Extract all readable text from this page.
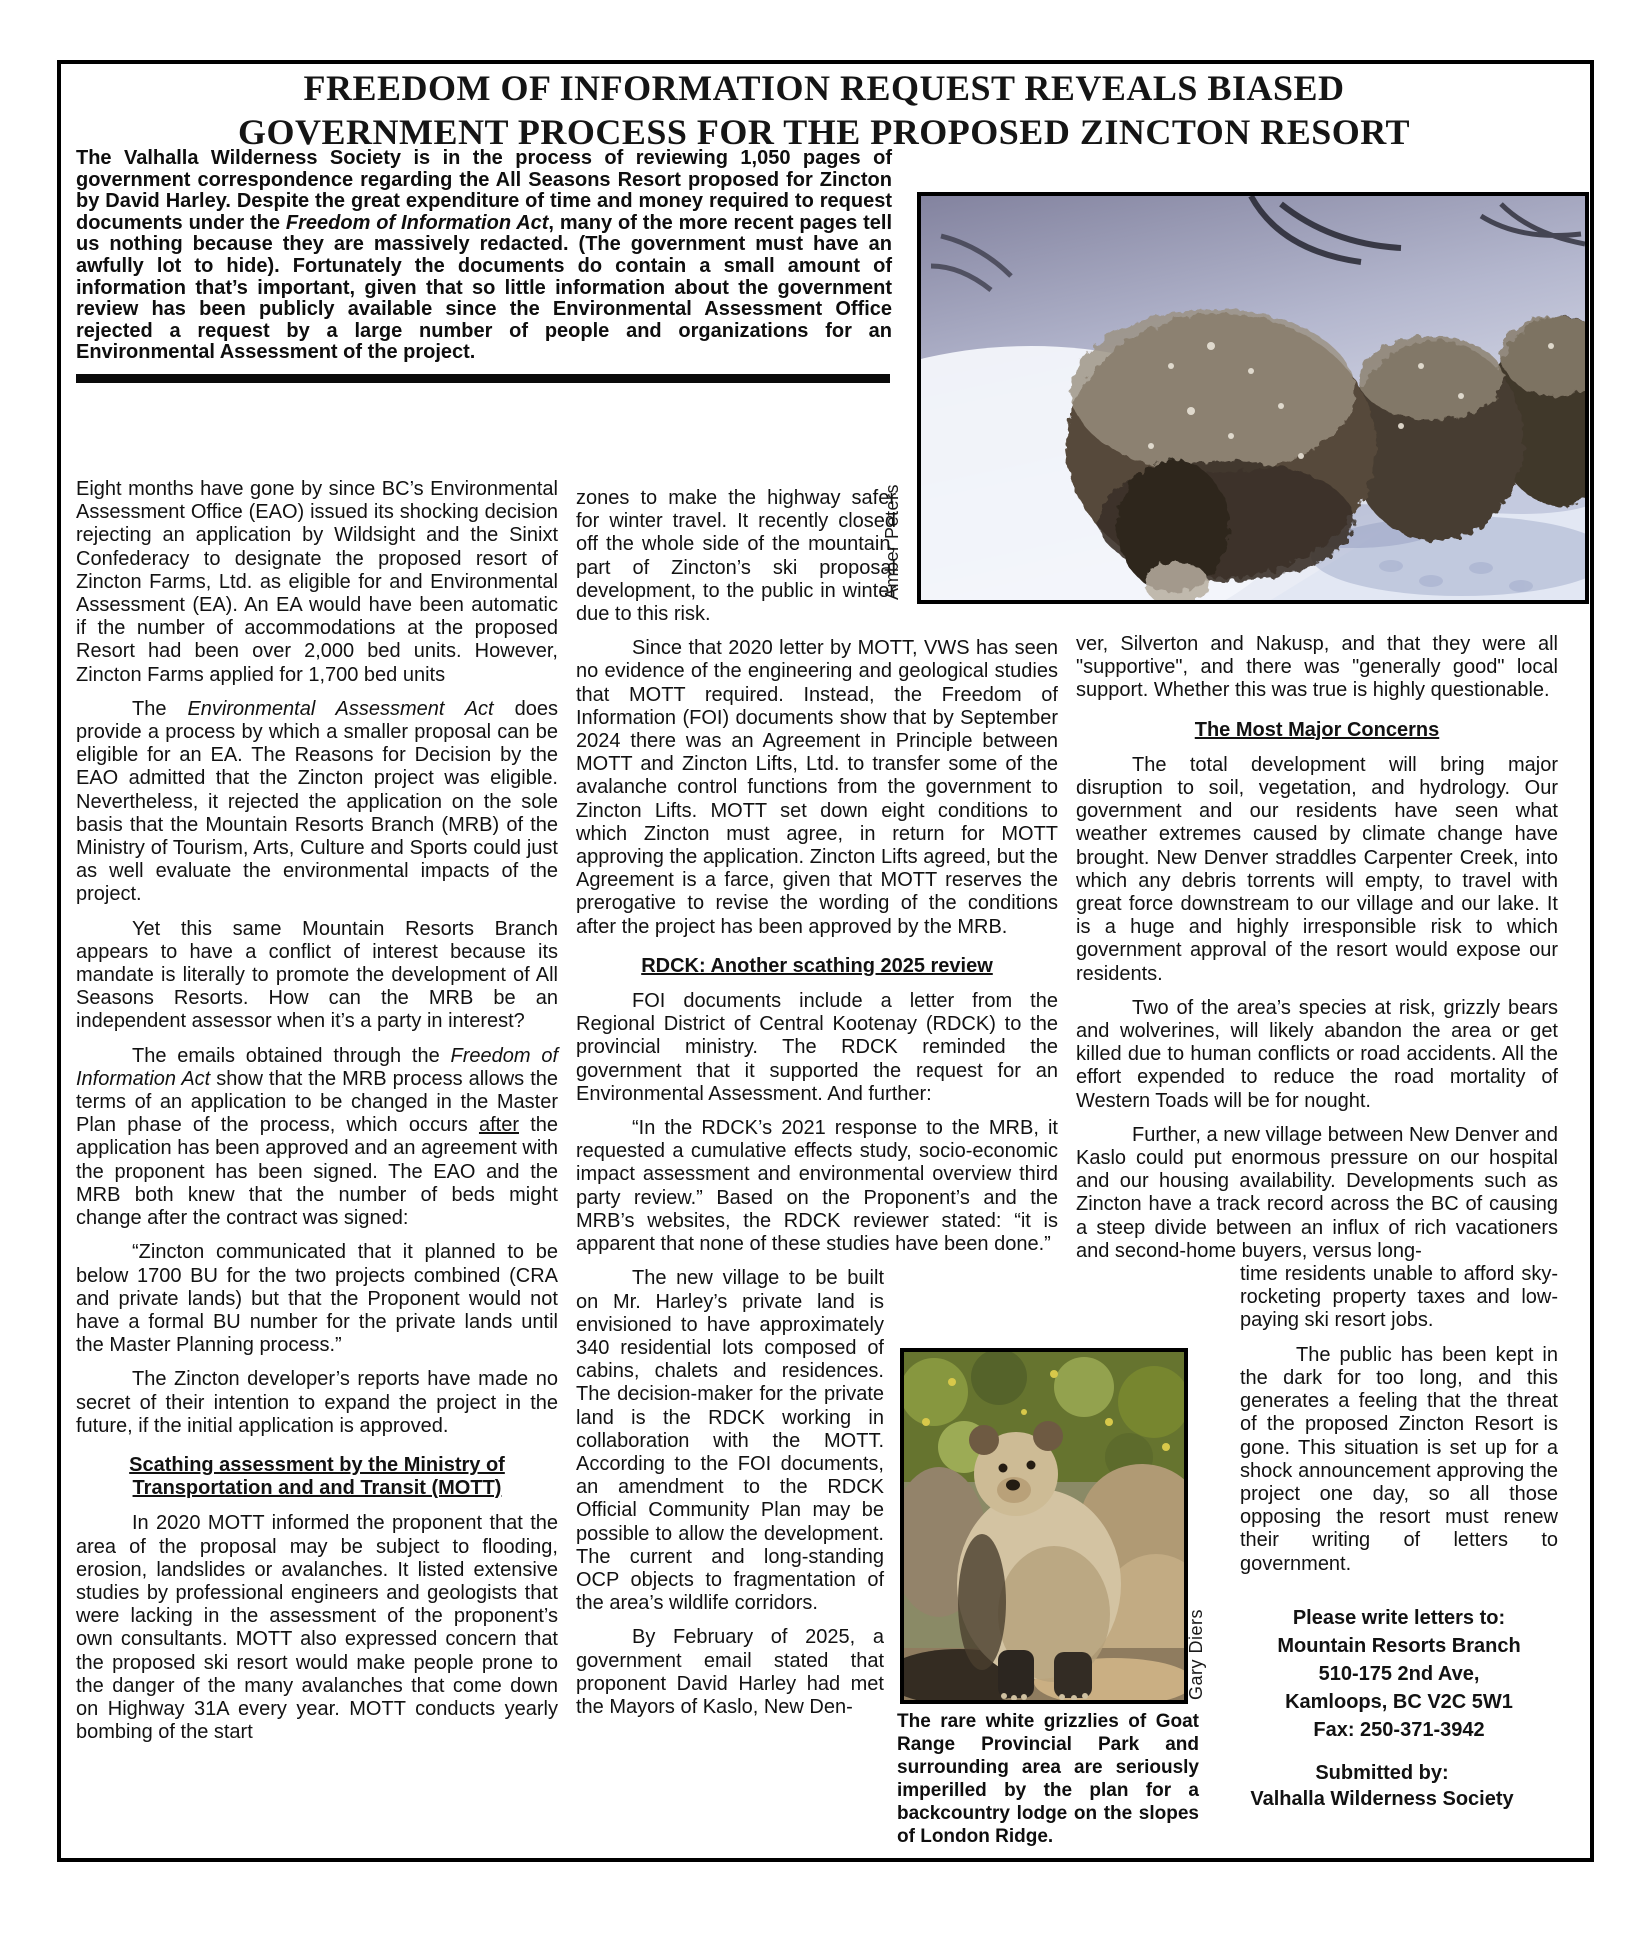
FREEDOM OF INFORMATION REQUEST REVEALS BIASED
GOVERNMENT PROCESS FOR THE PROPOSED ZINCTON RESORT
The Valhalla Wilderness Society is in the process of reviewing 1,050 pages of government correspondence regarding the All Seasons Resort proposed for Zincton by David Harley. Despite the great expenditure of time and money required to request documents under the Freedom of Information Act, many of the more recent pages tell us nothing because they are massively redacted. (The government must have an awfully lot to hide). Fortunately the documents do contain a small amount of information that’s important, given that so little information about the government review has been publicly available since the Environmental Assessment Office rejected a request by a large number of people and organizations for an Environmental Assessment of the project.
Amber Peters

Eight months have gone by since BC’s Environmental Assessment Office (EAO) issued its shocking decision rejecting an application by Wildsight and the Sinixt Confederacy to designate the proposed resort of Zincton Farms, Ltd. as eligible for and Environmental Assessment (EA). An EA would have been automatic if the number of accommodations at the proposed Resort had been over 2,000 bed units. However, Zincton Farms applied for 1,700 bed units

The Environmental Assessment Act does provide a process by which a smaller proposal can be eligible for an EA. The Reasons for Decision by the EAO admitted that the Zincton project was eligible. Nevertheless, it rejected the application on the sole basis that the Mountain Resorts Branch (MRB) of the Ministry of Tourism, Arts, Culture and Sports could just as well evaluate the environmental impacts of the project.

Yet this same Mountain Resorts Branch appears to have a conflict of interest because its mandate is literally to promote the development of All Seasons Resorts. How can the MRB be an independent assessor when it’s a party in interest?

The emails obtained through the Freedom of Information Act show that the MRB process allows the terms of an application to be changed in the Master Plan phase of the process, which occurs after the application has been approved and an agreement with the proponent has been signed. The EAO and the MRB both knew that the number of beds might change after the contract was signed:

“Zincton communicated that it planned to be below 1700 BU for the two projects combined (CRA and private lands) but that the Proponent would not have a formal BU number for the private lands until the Master Planning process.”

The Zincton developer’s reports have made no secret of their intention to expand the project in the future, if the initial application is approved.

Scathing assessment by the Ministry of Transportation and and Transit (MOTT)

In 2020 MOTT informed the proponent that the area of the proposal may be subject to flooding, erosion, landslides or avalanches. It listed extensive studies by professional engineers and geologists that were lacking in the assessment of the proponent’s own consultants. MOTT also expressed concern that the proposed ski resort would make people prone to the danger of the many avalanches that come down on Highway 31A every year. MOTT conducts yearly bombing of the start

zones to make the highway safer for winter travel. It recently closed off the whole side of the mountain, part of Zincton’s ski proposal development, to the public in winter due to this risk.

Since that 2020 letter by MOTT, VWS has seen no evidence of the engineering and geological studies that MOTT required. Instead, the Freedom of Information (FOI) documents show that by September 2024 there was an Agreement in Principle between MOTT and Zincton Lifts, Ltd. to transfer some of the avalanche control functions from the government to Zincton Lifts. MOTT set down eight conditions to which Zincton must agree, in return for MOTT approving the application. Zincton Lifts agreed, but the Agreement is a farce, given that MOTT reserves the prerogative to revise the wording of the conditions after the project has been approved by the MRB.

RDCK: Another scathing 2025 review

FOI documents include a letter from the Regional District of Central Kootenay (RDCK) to the provincial ministry. The RDCK reminded the government that it supported the request for an Environmental Assessment. And further:

“In the RDCK’s 2021 response to the MRB, it requested a cumulative effects study, socio-economic impact assessment and environmental overview third party review.” Based on the Proponent’s and the MRB’s websites, the RDCK reviewer stated: “it is apparent that none of these studies have been done.”

The new village to be built on Mr. Harley’s private land is envisioned to have approximately 340 residential lots composed of cabins, chalets and residences. The decision-maker for the private land is the RDCK working in collaboration with the MOTT. According to the FOI documents, an amendment to the RDCK Official Community Plan may be possible to allow the development. The current and long-standing OCP objects to fragmentation of the area’s wildlife corridors.

By February of 2025, a government email stated that proponent David Harley had met the Mayors of Kaslo, New Den-

ver, Silverton and Nakusp, and that they were all "supportive", and there was "generally good" local support. Whether this was true is highly questionable.

The Most Major Concerns

The total development will bring major disruption to soil, vegetation, and hydrology. Our government and our residents have seen what weather extremes caused by climate change have brought. New Denver straddles Carpenter Creek, into which any debris torrents will empty, to travel with great force downstream to our village and our lake. It is a huge and highly irresponsible risk to which government approval of the resort would expose our residents.

Two of the area’s species at risk, grizzly bears and wolverines, will likely abandon the area or get killed due to human conflicts or road accidents. All the effort expended to reduce the road mortality of Western Toads will be for nought.

Further, a new village between New Denver and Kaslo could put enormous pressure on our hospital and our housing availability. Developments such as Zincton have a track record across the BC of causing a steep divide between an influx of rich vacationers and second-home buyers, versus long-

time residents unable to afford sky-rocketing property taxes and low-paying ski resort jobs.

The public has been kept in the dark for too long, and this generates a feeling that the threat of the proposed Zincton Resort is gone. This situation is set up for a shock announcement approving the project one day, so all those opposing the resort must renew their writing of letters to government.

Please write letters to:
Mountain Resorts Branch
510-175 2nd Ave,
Kamloops, BC V2C 5W1
Fax: 250-371-3942
Submitted by:
Valhalla Wilderness Society
Gary Diers
The rare white grizzlies of Goat Range Provincial Park and surrounding area are seriously imperilled by the plan for a backcountry lodge on the slopes of London Ridge.
